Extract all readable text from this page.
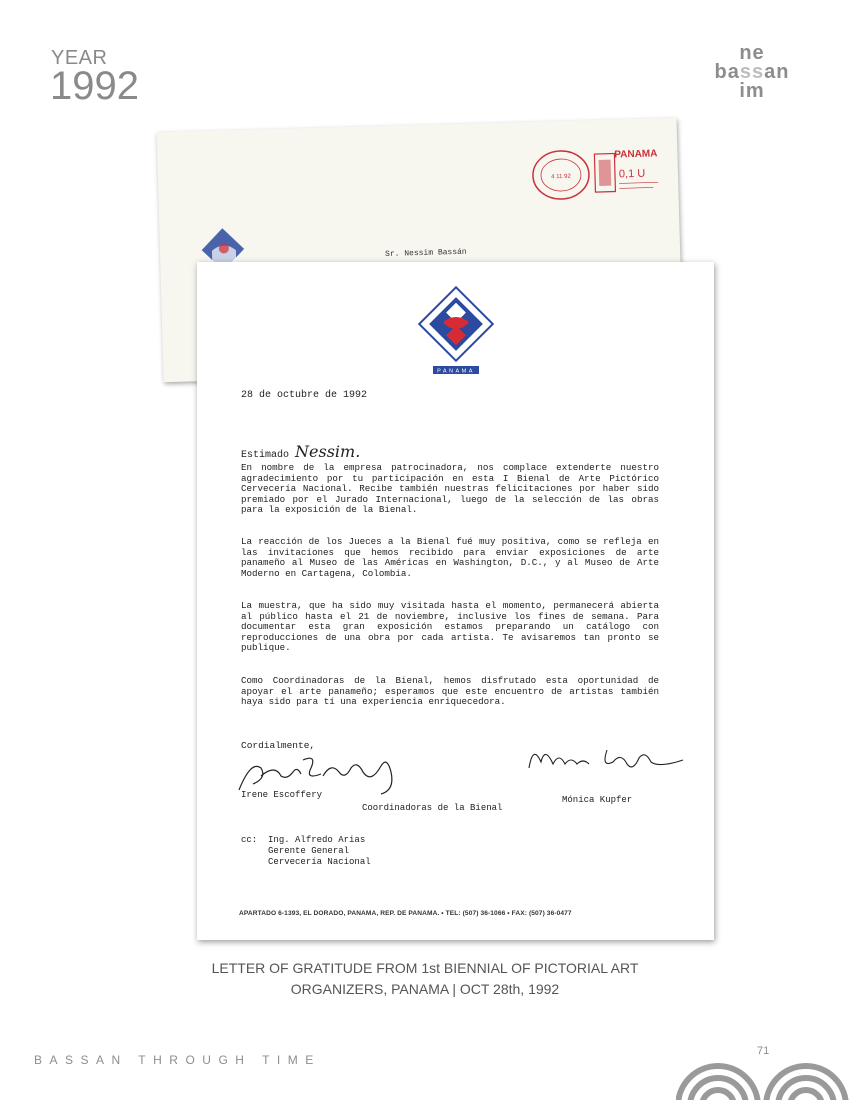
YEAR
1992
ne
bassan
im
4 11 92
PANAMA
0,1 U
Sr. Nessim Bassán
PANAMA
28 de octubre de 1992
Estimado Nessim.

En nombre de la empresa patrocinadora, nos complace extenderte nuestro agradecimiento por tu participación en esta I Bienal de Arte Pictórico Cervecería Nacional. Recibe también nuestras felicitaciones por haber sido premiado por el Jurado Internacional, luego de la selección de las obras para la exposición de la Bienal.

La reacción de los Jueces a la Bienal fué muy positiva, como se refleja en las invitaciones que hemos recibido para enviar exposiciones de arte panameño al Museo de las Américas en Washington, D.C., y al Museo de Arte Moderno en Cartagena, Colombia.

La muestra, que ha sido muy visitada hasta el momento, permanecerá abierta al público hasta el 21 de noviembre, inclusive los fines de semana. Para documentar esta gran exposición estamos preparando un catálogo con reproducciones de una obra por cada artista. Te avisaremos tan pronto se publique.

Como Coordinadoras de la Bienal, hemos disfrutado esta oportunidad de apoyar el arte panameño; esperamos que este encuentro de artistas también haya sido para tí una experiencia enriquecedora.

Cordialmente,
Irene Escoffery	Mónica Kupfer
Coordinadoras de la Bienal
cc: Ing. Alfredo Arias
Gerente General
Cervecería Nacional
APARTADO 6-1393, EL DORADO, PANAMA, REP. DE PANAMA. • TEL: (507) 36-1066 • FAX: (507) 36-0477
LETTER OF GRATITUDE FROM 1st BIENNIAL OF PICTORIAL ART
ORGANIZERS, PANAMA | OCT 28th, 1992
BASSAN THROUGH TIME
71
